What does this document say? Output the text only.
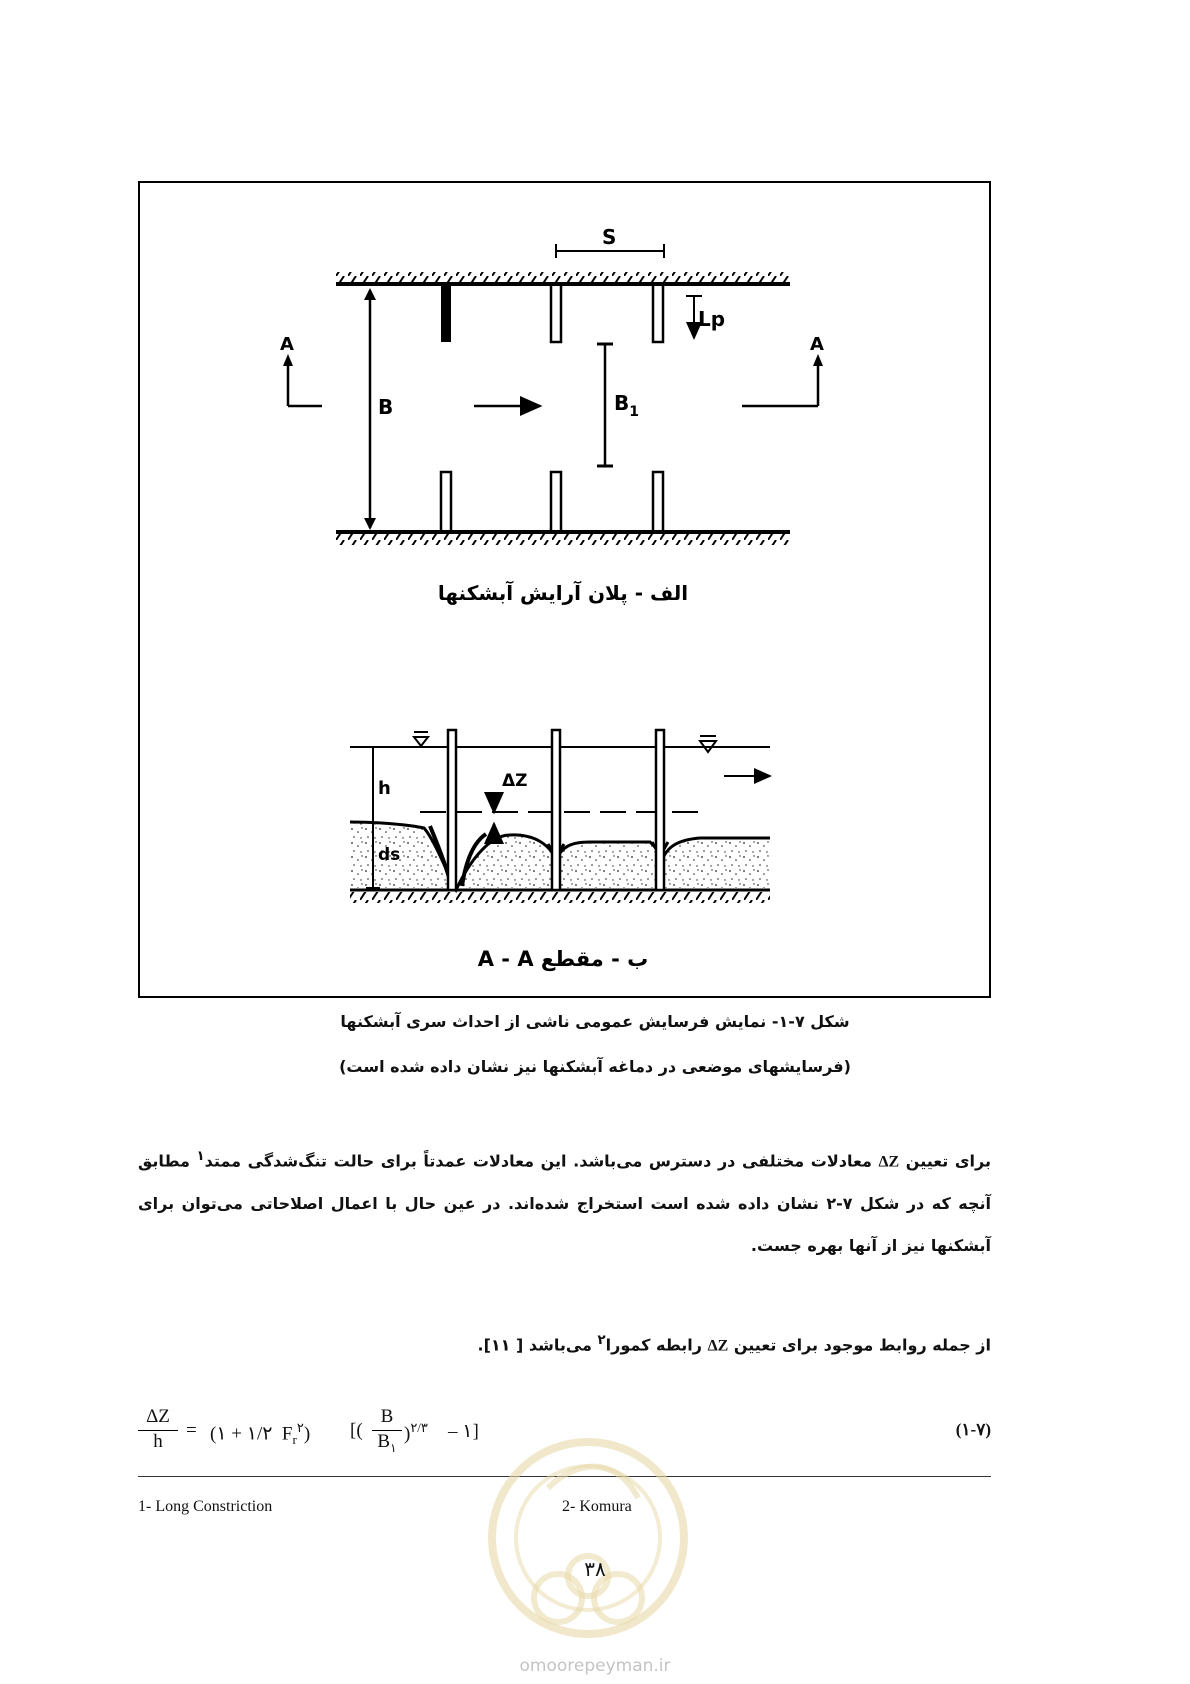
S
Lp
B	$B_1$
A	A
الف - پلان آرایش آبشکنها
h
ds
ΔZ
ب - مقطع A - A
شکل ۷-۱- نمایش فرسایش عمومی ناشی از احداث سری آبشکنها
(فرسایشهای موضعی در دماغه آبشکنها نیز نشان داده شده است)
برای تعیین ΔZ معادلات مختلفی در دسترس می‌باشد. این معادلات عمدتاً برای حالت تنگ‌شدگی ممتد$^۱$ مطابق آنچه که در شکل ۷-۲ نشان داده شده است استخراج شده‌اند. در عین حال با اعمال اصلاحاتی می‌توان برای آبشکنها نیز از آنها بهره جست.
از جمله روابط موجود برای تعیین ΔZ رابطه کمورا$^۲$ می‌باشد [ ۱۱].
$\frac{\Delta Z}{h}$ = (۱ + ۱/۲  $F_r^۲$) [( $\frac{B}{B_۱} )^{۲/۳}$ – ۱]	(۱-۷)
1- Long Constriction	2- Komura
۳۸
omoorepeyman.ir
